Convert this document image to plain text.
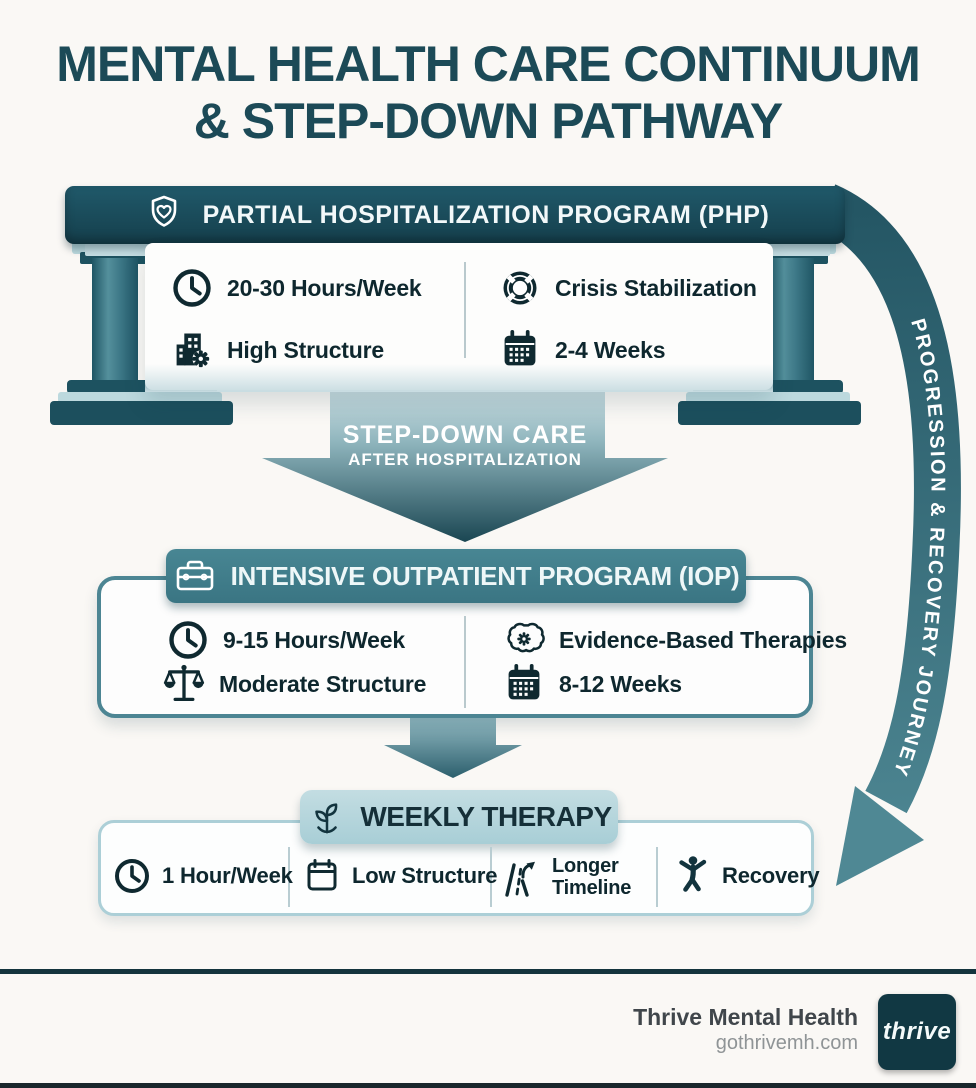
PROGRESSION & RECOVERY JOURNEY
MENTAL HEALTH CARE CONTINUUM
& STEP-DOWN PATHWAY
STEP-DOWN CARE
AFTER HOSPITALIZATION
PARTIAL HOSPITALIZATION PROGRAM (PHP)
20-30 Hours/Week	Crisis Stabilization
High Structure	2-4 Weeks
INTENSIVE OUTPATIENT PROGRAM (IOP)
9-15 Hours/Week	Evidence-Based Therapies
Moderate Structure	8-12 Weeks
WEEKLY THERAPY
1 Hour/Week	Low Structure	Longer Timeline	Recovery
Thrive Mental Health
gothrivemh.com thrive
